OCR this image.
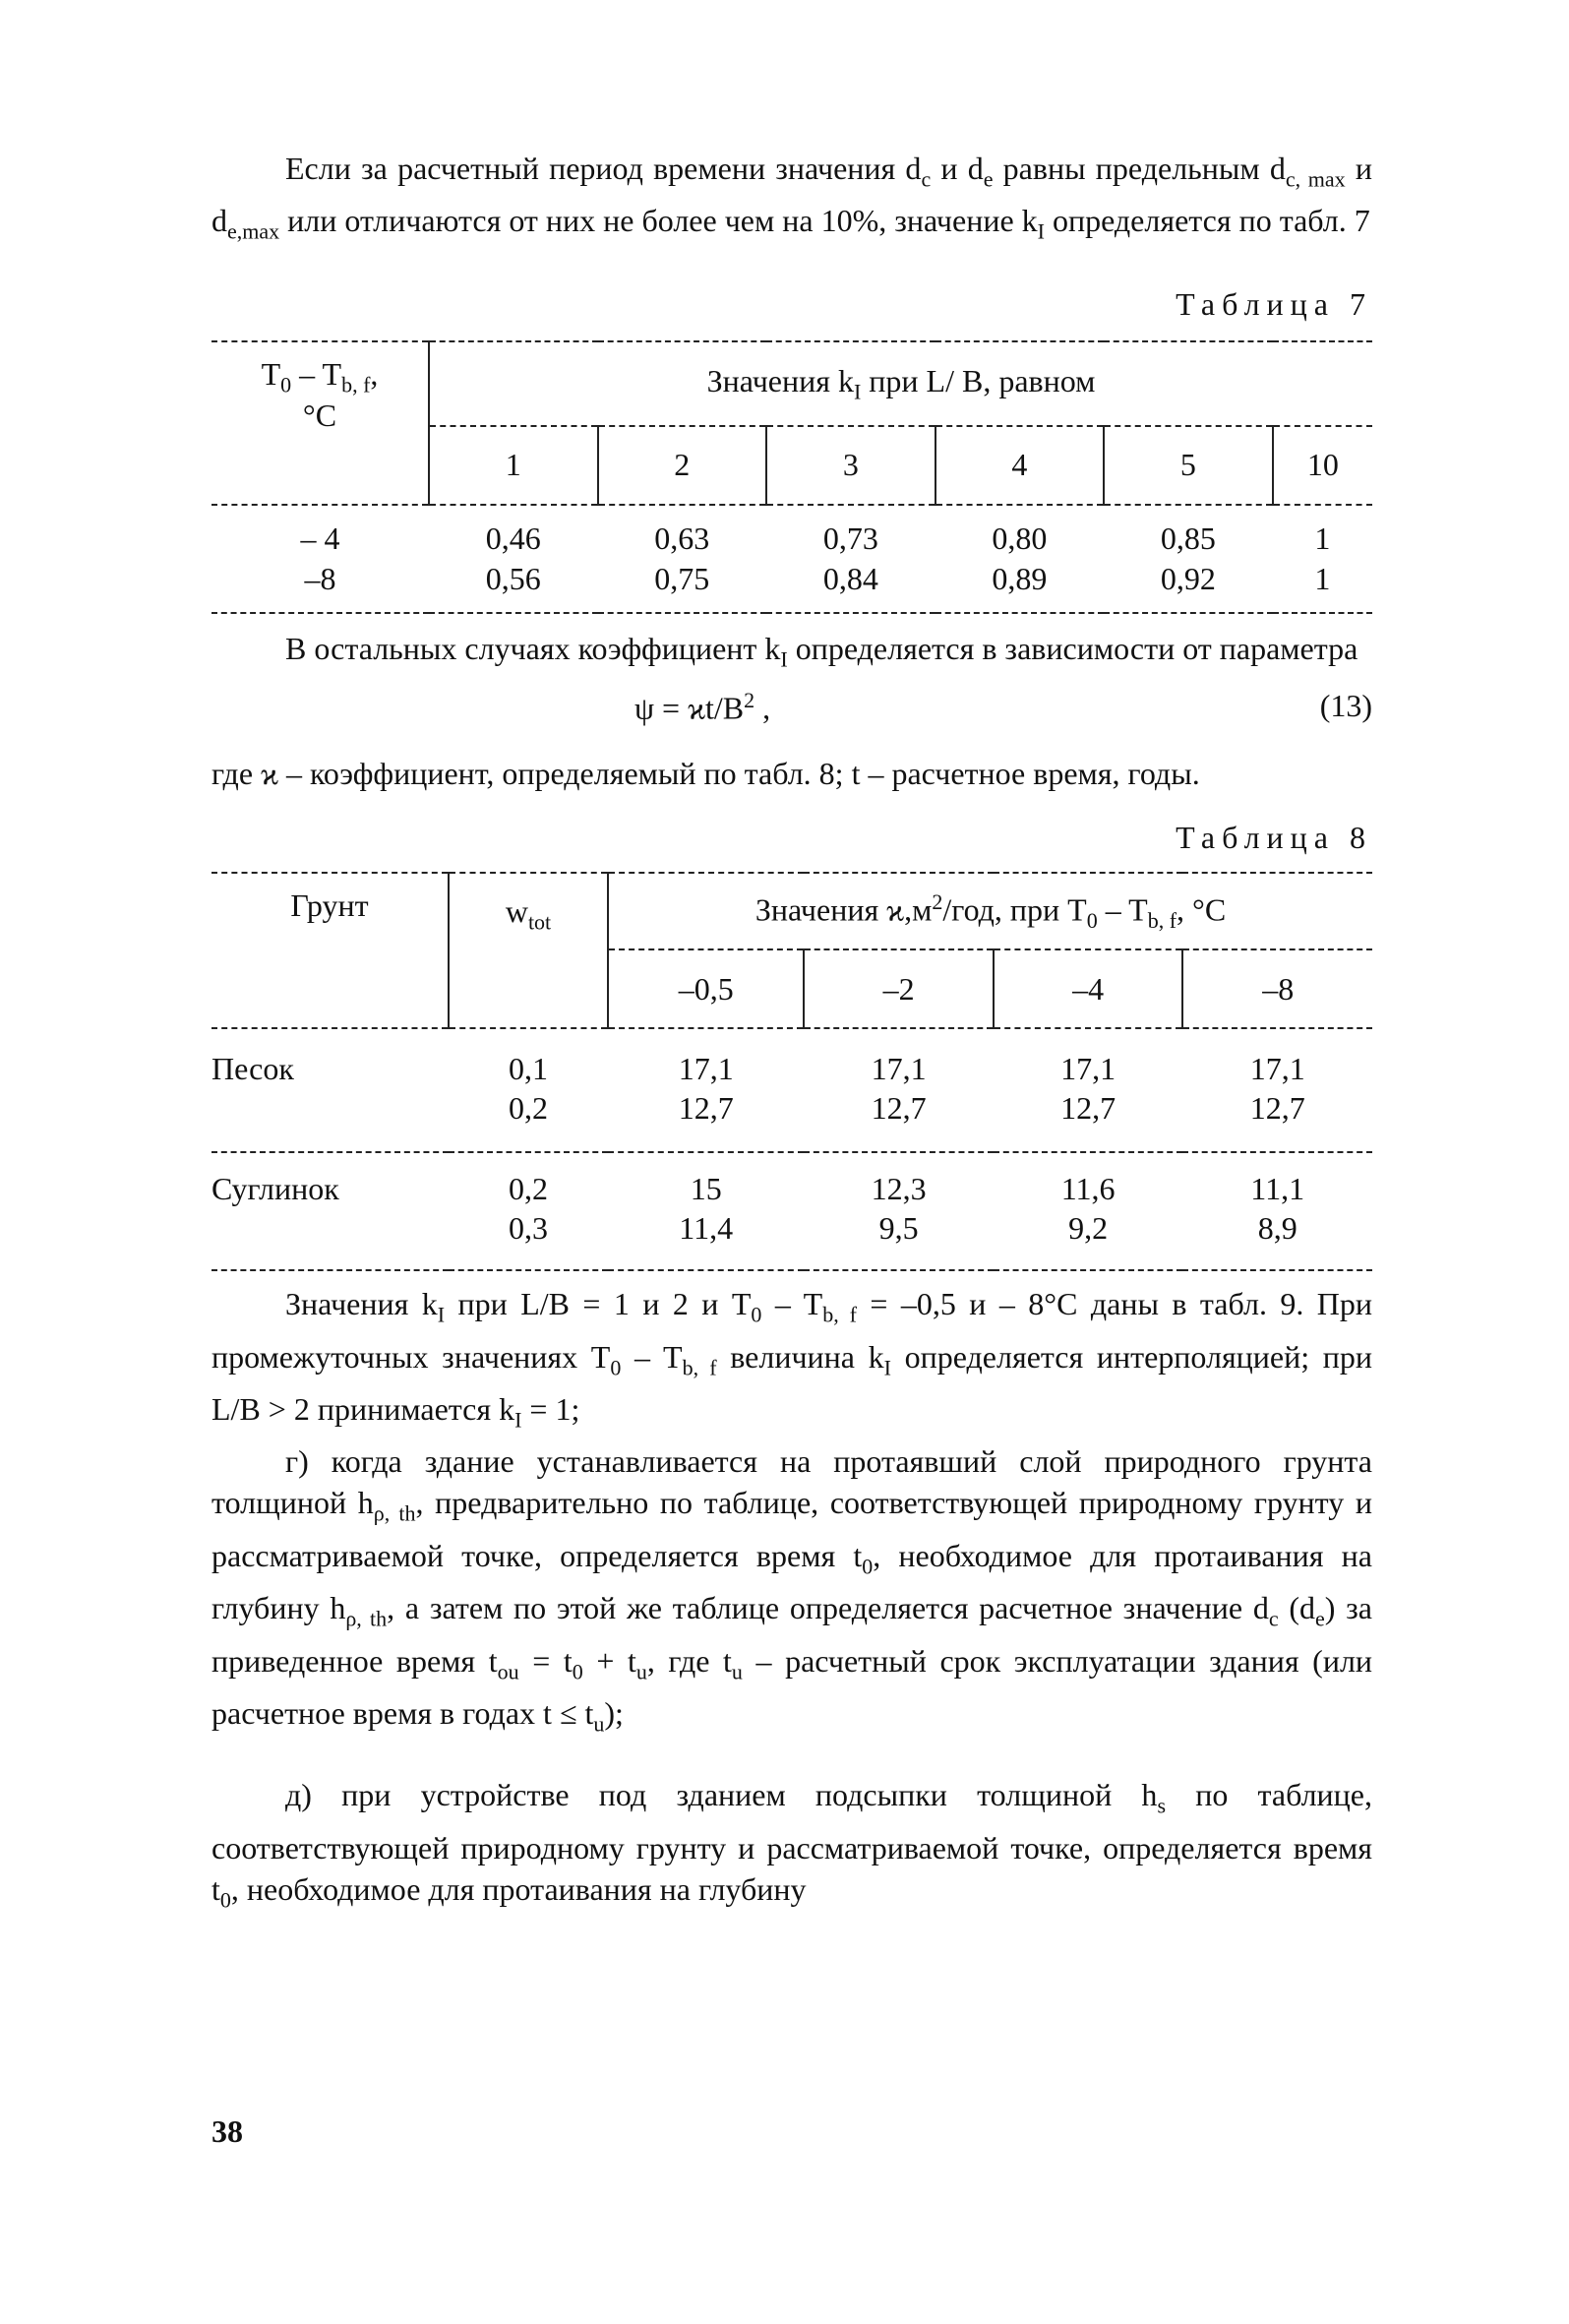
Если за расчетный период времени значения $d_c$ и $d_e$ равны предельным $d_{c, max}$ и $d_{e,max}$ или отличаются от них не более чем на 10%, значение $k_I$ определяется по табл. 7

Таблица 7

$T_0 - T_{b, f}$,
°C	Значения $k_I$ при L/ B, равном					
	1	2	3	4	5	10
– 4	0,46	0,63	0,73	0,80	0,85	1
–8	0,56	0,75	0,84	0,89	0,92	1

В остальных случаях коэффициент $k_I$ определяется в зависимости от параметра

$\psi = ϰt/B^2$ ,	(13)

где ϰ – коэффициент, определяемый по табл. 8; t – расчетное время, годы.

Таблица 8

Грунт	$w_{tot}$	Значения $ϰ,м^2$/год, при $T_0 - T_{b, f}$, °C			
		–0,5	–2	–4	–8
Песок	0,1	17,1	17,1	17,1	17,1
	0,2	12,7	12,7	12,7	12,7
Суглинок	0,2	15	12,3	11,6	11,1
	0,3	11,4	9,5	9,2	8,9

Значения $k_I$ при L/B = 1 и 2 и $T_0 - T_{b, f} = -0,5$ и – 8°C даны в табл. 9. При промежуточных значениях $T_0 - T_{b, f}$ величина $k_I$ определяется интерполяцией; при L/B > 2 принимается $k_I = 1$;

г) когда здание устанавливается на протаявший слой природного грунта толщиной $h_{\rho, th}$, предварительно по таблице, соответствующей природному грунту и рассматриваемой точке, определяется время $t_0$, необходимое для протаивания на глубину $h_{\rho, th}$, а затем по этой же таблице определяется расчетное значение $d_c$ $(d_e)$ за приведенное время $t_{ou} = t_0 + t_u$, где $t_u$ – расчетный срок эксплуатации здания (или расчетное время в годах $t \le t_u$);

д) при устройстве под зданием подсыпки толщиной $h_s$ по таблице, соответствующей природному грунту и рассматриваемой точке, определяется время $t_0$, необходимое для протаивания на глубину

38
